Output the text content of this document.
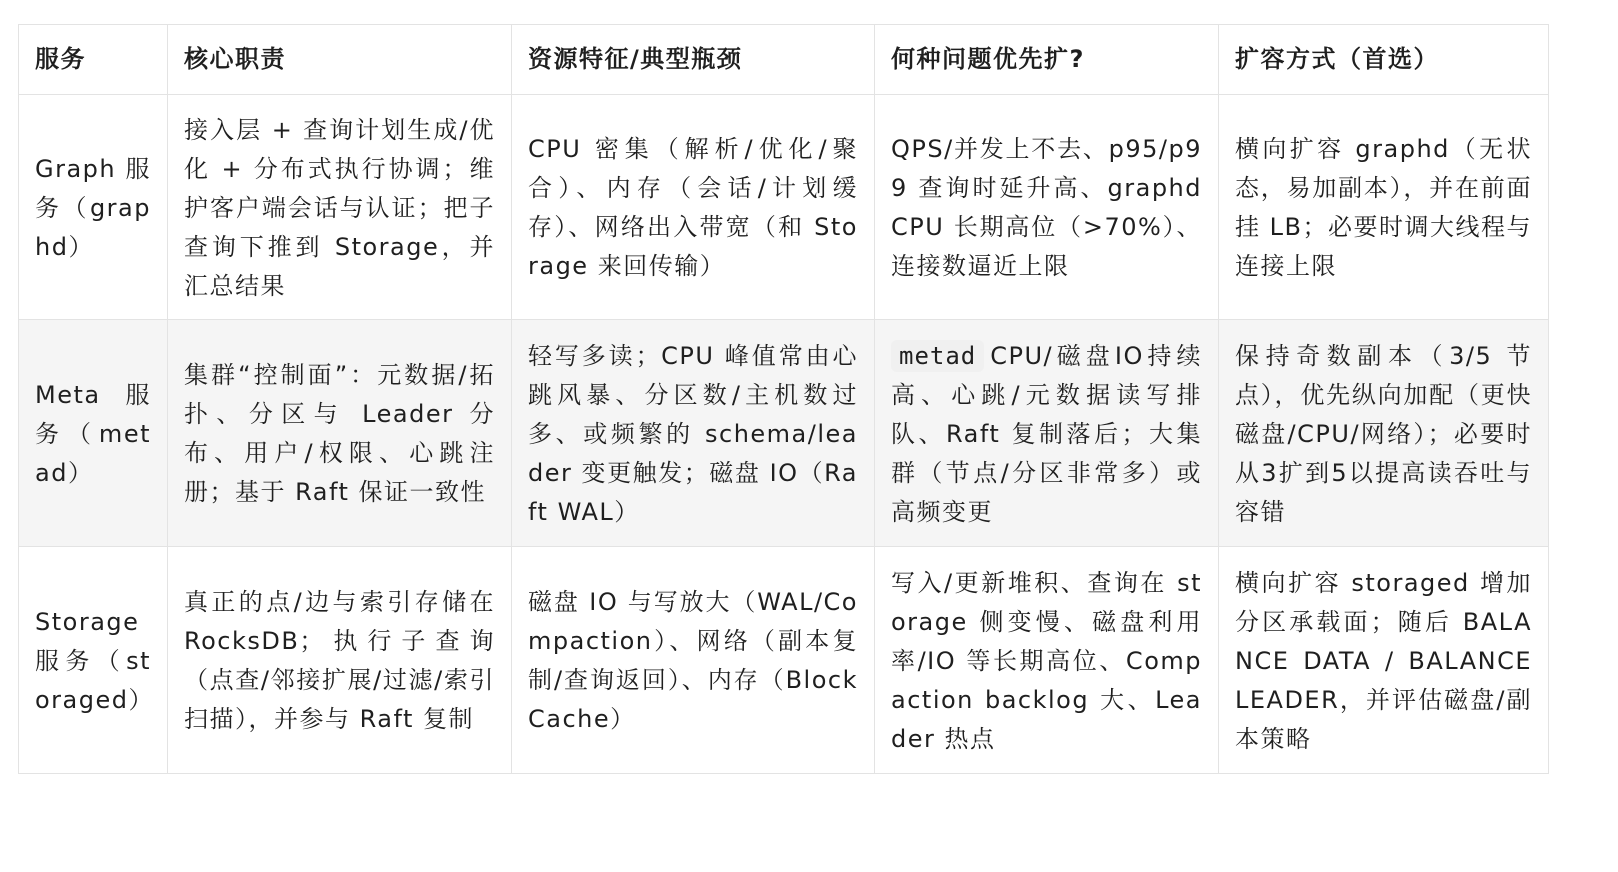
服务	核心职责	资源特征/典型瓶颈	何种问题优先扩?	扩容方式（首选）
Graph 服务（graphd）	接入层 + 查询计划生成/优化 + 分布式执行协调；维护客户端会话与认证；把子查询下推到 Storage，并汇总结果	CPU 密集（解析/优化/聚合）、内存（会话/计划缓存）、网络出入带宽（和 Storage 来回传输）	QPS/并发上不去、p95/p99 查询时延升高、graphd CPU 长期高位（>70%）、连接数逼近上限	横向扩容 graphd（无状态，易加副本），并在前面挂 LB；必要时调大线程与连接上限
Meta 服务（metad）	集群“控制面”：元数据/拓扑、分区与 Leader 分布、用户/权限、心跳注册；基于 Raft 保证一致性	轻写多读；CPU 峰值常由心跳风暴、分区数/主机数过多、或频繁的 schema/leader 变更触发；磁盘 IO（Raft WAL）	metad CPU/磁盘IO持续高、心跳/元数据读写排队、Raft 复制落后；大集群（节点/分区非常多）或高频变更	保持奇数副本（3/5 节点），优先纵向加配（更快磁盘/CPU/网络）；必要时从3扩到5以提高读吞吐与容错
Storage 服务（storaged）	真正的点/边与索引存储在 RocksDB；执行子查询（点查/邻接扩展/过滤/索引扫描），并参与 Raft 复制	磁盘 IO 与写放大（WAL/Compaction）、网络（副本复制/查询返回）、内存（Block Cache）	写入/更新堆积、查询在 storage 侧变慢、磁盘利用率/IO 等长期高位、Compaction backlog 大、Leader 热点	横向扩容 storaged 增加分区承载面；随后 BALANCE DATA / BALANCE LEADER，并评估磁盘/副本策略
